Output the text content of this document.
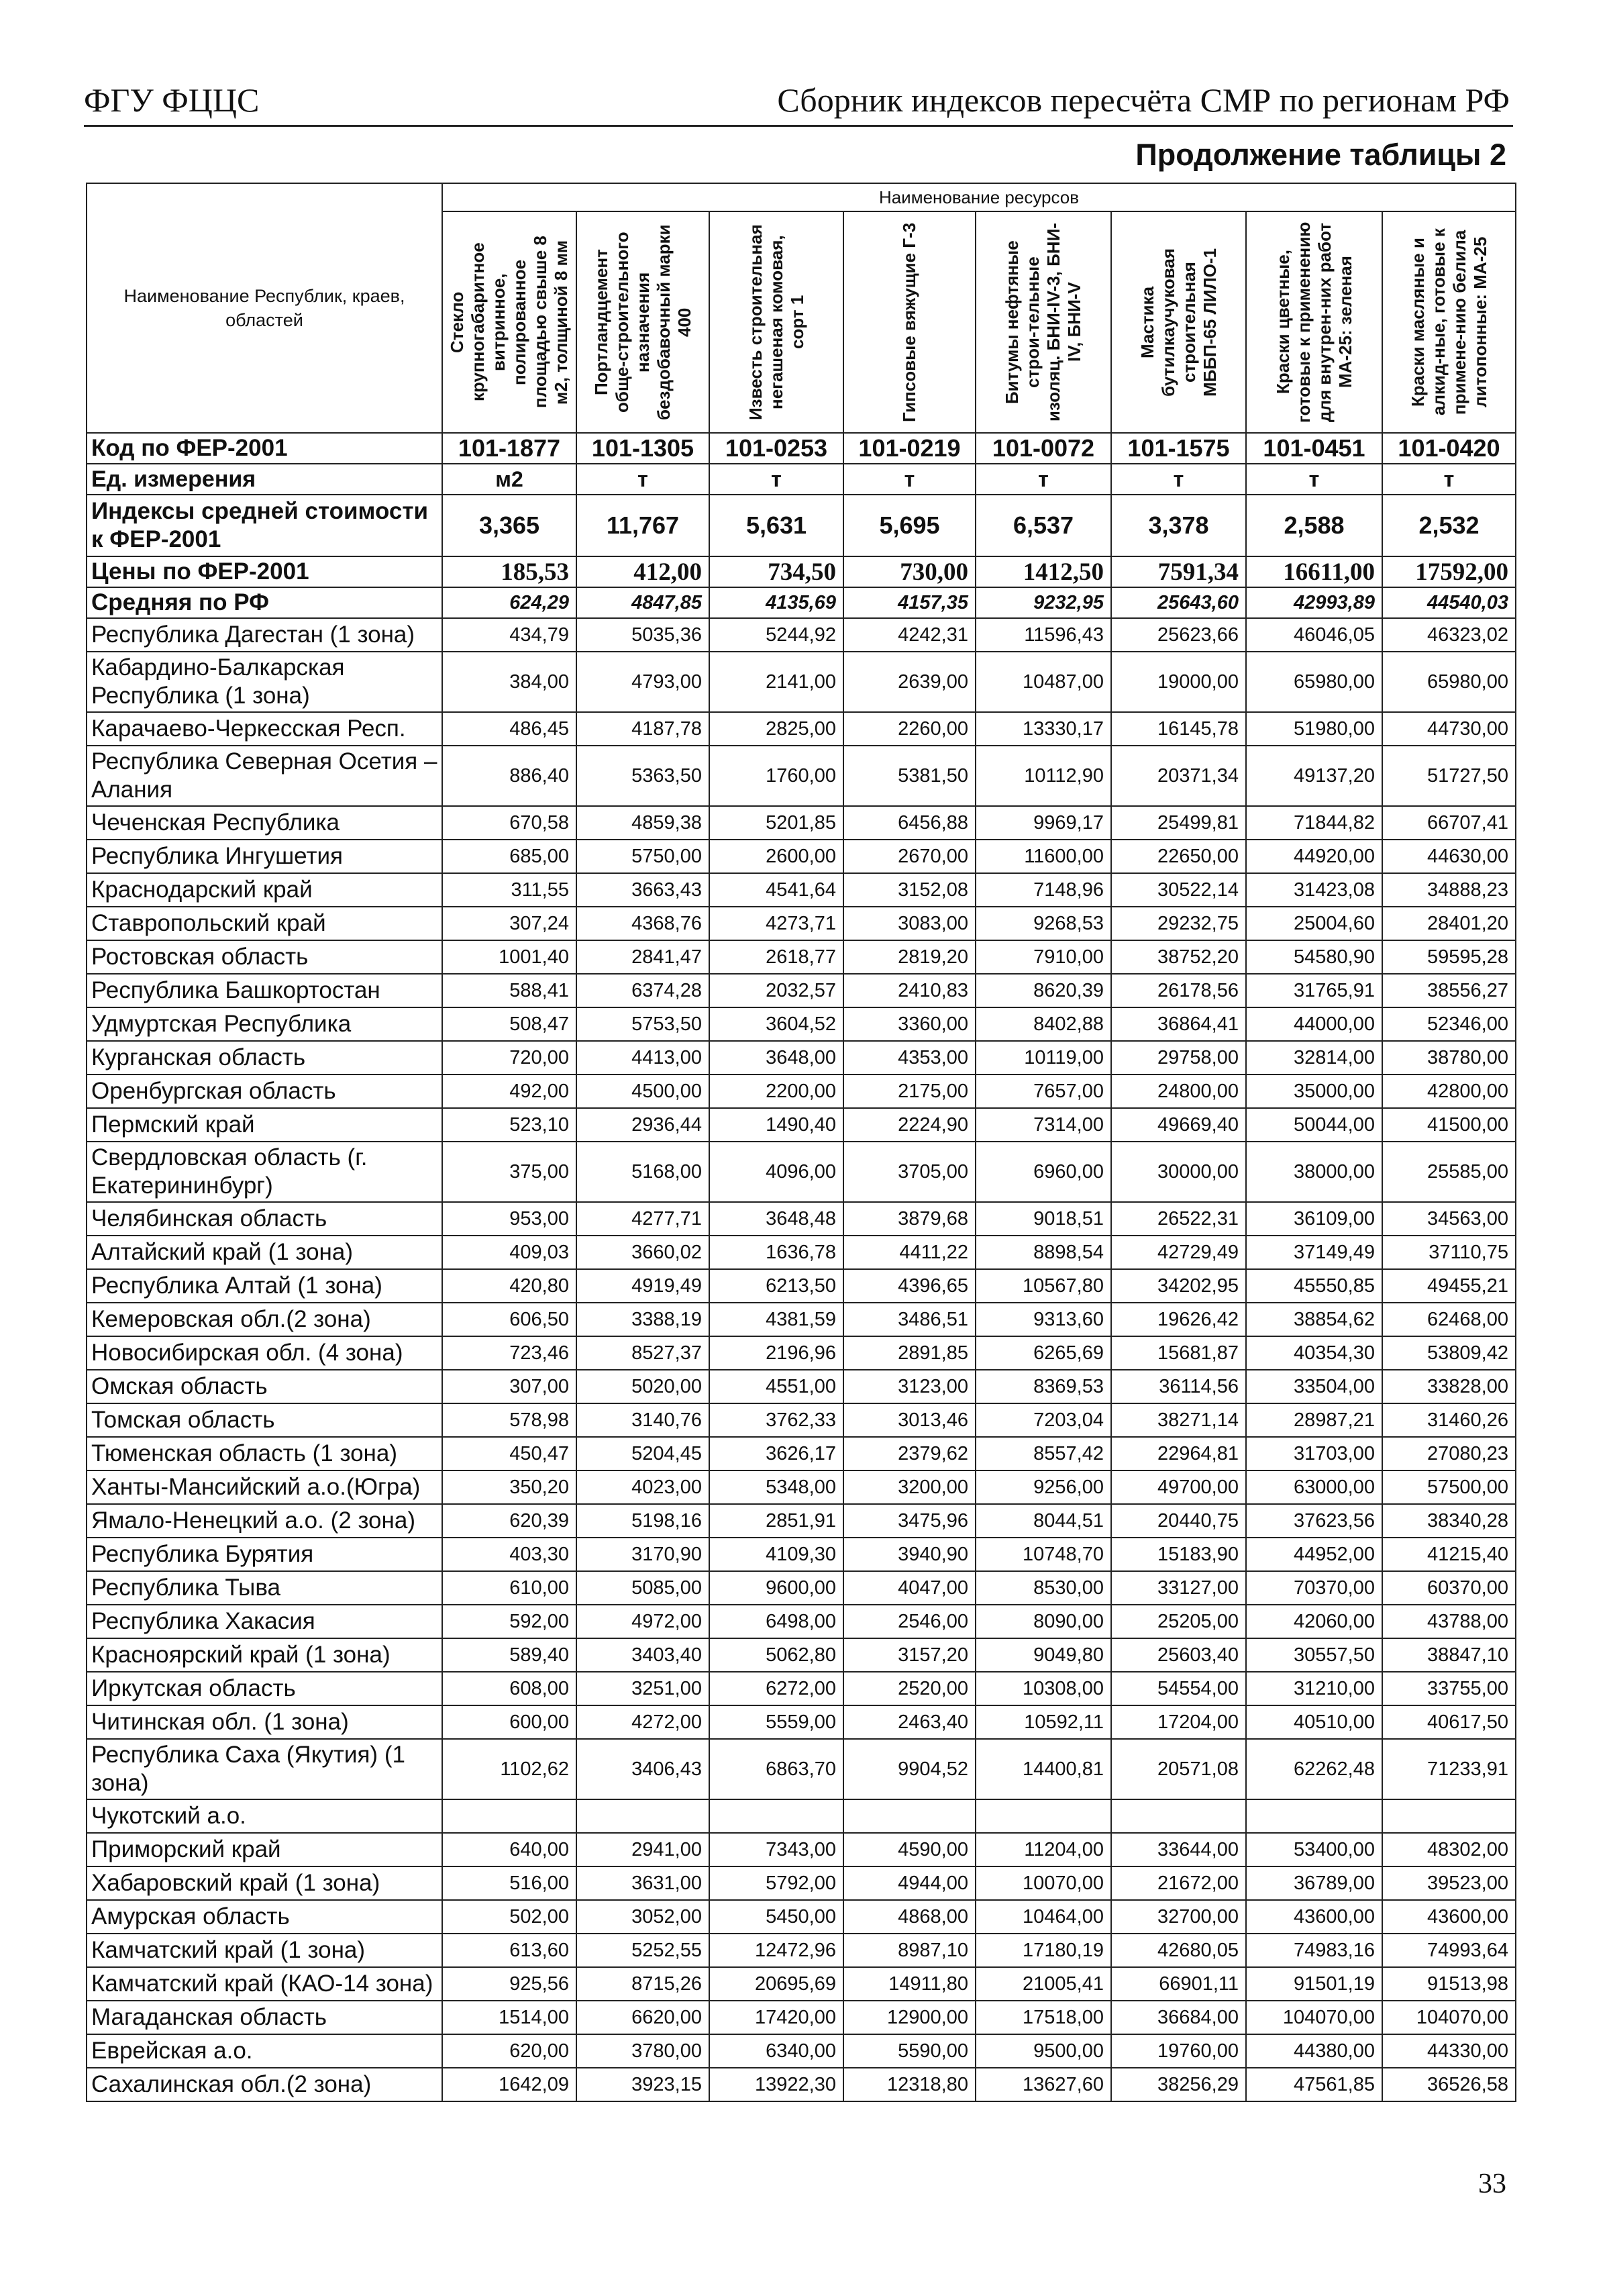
ФГУ ФЦЦС	Сборник индексов пересчёта СМР по регионам РФ
Продолжение таблицы 2
Наименование Республик, краев, областей	Наименование ресурсов							

	Стекло крупногабаритное витринное, полированное площадью свыше 8 м2, толщиной 8 мм	Портландцемент обще-строительного назначения бездобавочный марки 400	Известь строительная негашеная комовая, сорт 1	Гипсовые вяжущие Г-3	Битумы нефтяные строи-тельные изоляц. БНИ-IV-3, БНИ-IV, БНИ-V	Мастика бутилкаучуковая строительная МББП-65 ЛИЛО-1	Краски цветные, готовые к применению для внутрен-них работ МА-25: зеленая	Краски масляные и алкид-ные, готовые к примене-нию белила литопонные: МА-25

Код по ФЕР-2001	101-1877	101-1305	101-0253	101-0219	101-0072	101-1575	101-0451	101-0420
Ед. измерения	м2	т	т	т	т	т	т	т
Индексы средней стоимости к ФЕР-2001	3,365	11,767	5,631	5,695	6,537	3,378	2,588	2,532
Цены по ФЕР-2001	185,53	412,00	734,50	730,00	1412,50	7591,34	16611,00	17592,00
Средняя по РФ	624,29	4847,85	4135,69	4157,35	9232,95	25643,60	42993,89	44540,03
Республика Дагестан (1 зона)	434,79	5035,36	5244,92	4242,31	11596,43	25623,66	46046,05	46323,02
Кабардино-Балкарская Республика (1 зона)	384,00	4793,00	2141,00	2639,00	10487,00	19000,00	65980,00	65980,00
Карачаево-Черкесская Респ.	486,45	4187,78	2825,00	2260,00	13330,17	16145,78	51980,00	44730,00
Республика Северная Осетия – Алания	886,40	5363,50	1760,00	5381,50	10112,90	20371,34	49137,20	51727,50
Чеченская Республика	670,58	4859,38	5201,85	6456,88	9969,17	25499,81	71844,82	66707,41
Республика Ингушетия	685,00	5750,00	2600,00	2670,00	11600,00	22650,00	44920,00	44630,00
Краснодарский край	311,55	3663,43	4541,64	3152,08	7148,96	30522,14	31423,08	34888,23
Ставропольский край	307,24	4368,76	4273,71	3083,00	9268,53	29232,75	25004,60	28401,20
Ростовская область	1001,40	2841,47	2618,77	2819,20	7910,00	38752,20	54580,90	59595,28
Республика Башкортостан	588,41	6374,28	2032,57	2410,83	8620,39	26178,56	31765,91	38556,27
Удмуртская Республика	508,47	5753,50	3604,52	3360,00	8402,88	36864,41	44000,00	52346,00
Курганская область	720,00	4413,00	3648,00	4353,00	10119,00	29758,00	32814,00	38780,00
Оренбургская область	492,00	4500,00	2200,00	2175,00	7657,00	24800,00	35000,00	42800,00
Пермский край	523,10	2936,44	1490,40	2224,90	7314,00	49669,40	50044,00	41500,00
Свердловская область (г. Екатерининбург)	375,00	5168,00	4096,00	3705,00	6960,00	30000,00	38000,00	25585,00
Челябинская область	953,00	4277,71	3648,48	3879,68	9018,51	26522,31	36109,00	34563,00
Алтайский край (1 зона)	409,03	3660,02	1636,78	4411,22	8898,54	42729,49	37149,49	37110,75
Республика Алтай (1 зона)	420,80	4919,49	6213,50	4396,65	10567,80	34202,95	45550,85	49455,21
Кемеровская обл.(2 зона)	606,50	3388,19	4381,59	3486,51	9313,60	19626,42	38854,62	62468,00
Новосибирская обл. (4 зона)	723,46	8527,37	2196,96	2891,85	6265,69	15681,87	40354,30	53809,42
Омская область	307,00	5020,00	4551,00	3123,00	8369,53	36114,56	33504,00	33828,00
Томская область	578,98	3140,76	3762,33	3013,46	7203,04	38271,14	28987,21	31460,26
Тюменская область (1 зона)	450,47	5204,45	3626,17	2379,62	8557,42	22964,81	31703,00	27080,23
Ханты-Мансийский а.о.(Югра)	350,20	4023,00	5348,00	3200,00	9256,00	49700,00	63000,00	57500,00
Ямало-Ненецкий а.о. (2 зона)	620,39	5198,16	2851,91	3475,96	8044,51	20440,75	37623,56	38340,28
Республика Бурятия	403,30	3170,90	4109,30	3940,90	10748,70	15183,90	44952,00	41215,40
Республика Тыва	610,00	5085,00	9600,00	4047,00	8530,00	33127,00	70370,00	60370,00
Республика Хакасия	592,00	4972,00	6498,00	2546,00	8090,00	25205,00	42060,00	43788,00
Красноярский край (1 зона)	589,40	3403,40	5062,80	3157,20	9049,80	25603,40	30557,50	38847,10
Иркутская область	608,00	3251,00	6272,00	2520,00	10308,00	54554,00	31210,00	33755,00
Читинская обл. (1 зона)	600,00	4272,00	5559,00	2463,40	10592,11	17204,00	40510,00	40617,50
Республика Саха (Якутия) (1 зона)	1102,62	3406,43	6863,70	9904,52	14400,81	20571,08	62262,48	71233,91
Чукотский а.о.								
Приморский край	640,00	2941,00	7343,00	4590,00	11204,00	33644,00	53400,00	48302,00
Хабаровский край (1 зона)	516,00	3631,00	5792,00	4944,00	10070,00	21672,00	36789,00	39523,00
Амурская область	502,00	3052,00	5450,00	4868,00	10464,00	32700,00	43600,00	43600,00
Камчатский край (1 зона)	613,60	5252,55	12472,96	8987,10	17180,19	42680,05	74983,16	74993,64
Камчатский край (КАО-14 зона)	925,56	8715,26	20695,69	14911,80	21005,41	66901,11	91501,19	91513,98
Магаданская область	1514,00	6620,00	17420,00	12900,00	17518,00	36684,00	104070,00	104070,00
Еврейская а.о.	620,00	3780,00	6340,00	5590,00	9500,00	19760,00	44380,00	44330,00
Сахалинская обл.(2 зона)	1642,09	3923,15	13922,30	12318,80	13627,60	38256,29	47561,85	36526,58
33
